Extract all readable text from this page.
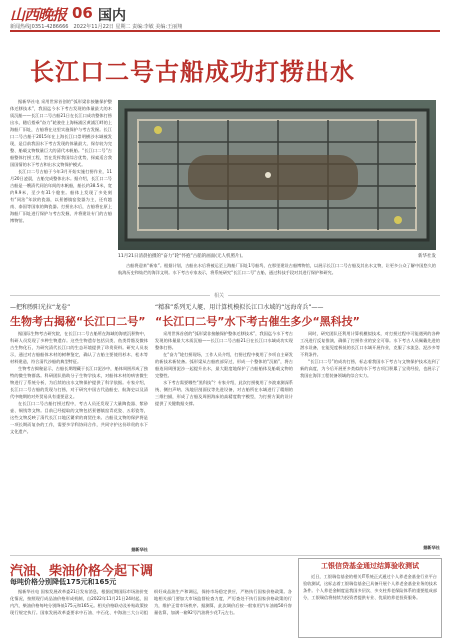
山西晚报 06 国内
新闻热线|0351-4286666　2022年11月22日 星期二 责编:李敏 美编:王丽翔
长江口二号古船成功打捞出水

据新华社电 采用世界首创的“弧形梁非接触保护整体迁移技术”，我国迄今水下考古发现的体量最大的木质沉船——长江口二号古船21日在长江口成功整体打捞出水，随后搭乘“奋力”轮驶往上海杨浦区黄浦江畔的上海船厂旧址，古船将在这里实施保护与考古发掘。长江口二号古船于2015年在上海长江口崇明横沙水域被发现，是目前我国水下考古发现的体量最大、保存较为完整、船载文物数量巨大的清代木帆船。“长江口二号”古船整体打捞工程，旨在发挥我国综合优势，探索适合我国国情的水下考古和出水文物保护模式。

长江口二号古船于今年3月开始实施打捞作业，11月20日凌晨，古船完成整体出水。据介绍，长江口二号古船是一艘清代同治年间的木帆船，船长约38.5米，宽约9.9米，至少有31个舱室。船体上发现了多处刻有“同治”年款的瓷器，以景德镇窑瓷器为主，还有越南、泰国等国家的陶瓷器。打捞出水后，古船将在原上海船厂旧址进行保护与考古发掘，并将建设专门的古船博物馆。

古船将迎来“新家”。根据计划，古船出水后将被运至上海船厂旧址1号船坞，在那里建设古船博物馆，以展示长江口二号古船及其出水文物，让更多公众了解中国悠久的航海历史和灿烂的海洋文明。水下考古专家表示，将系统研究“长江口二号”古船，通过科技手段对其进行保护和研究。

11月21日清晨拍摄的“奋力”轮“怀抱”古船的画面(无人机照片)。	新华社发
相关
—把和煦阳光拉“龙卷”
生物考古揭秘“长江口二号”

据国际生物考古研究院，在长江口二号古船所在海域的海底沉积物中，科研人员发现了多种生物遗存。这些生物遗存包括贝类、鱼类骨骼及微体古生物化石，为研究清代长江口的生态环境提供了珍贵资料。研究人员表示，通过对古船船体木材的树种鉴定，确认了古船主要使用杉木、松木等材料建造，符合清代沙船的典型特征。

生物考古揭秘显示，古船长期埋藏于长江口泥沙中，船体周围形成了独特的微生物群落。科研团队借助分子生物学技术，对船体木材的病害微生物进行了系统分析，为后续的出水文物保护提供了科学依据。专家介绍，长江口二号古船的发现与打捞，对于研究中国古代造船史、航海史以及清代中晚期的对外贸易具有重要意义。

在长江口二号古船打捞过程中，考古人员还发现了大量陶瓷器、紫砂壶、铜钱等文物。目前已经提取的文物包括景德镇窑青花瓷、五彩瓷等，这些文物反映了清代长江口地区繁荣的商贸往来。古船及文物的保护将是一项长期而复杂的工作，需要多学科协同合作，共同守护这份珍贵的水下文化遗产。

据新华社
“精准”系列无人艇、用计算机模拟长江口水域的“远海奇兵”——
“长江口二号”水下考古催生多少“黑科技”

采用世界首创的“弧形梁非接触保护整体迁移技术”，我国迄今水下考古发现的体量最大木质沉船——长江口二号古船21日在长江口水域成功实现整体打捞。

在“奋力”轮打捞现场，工作人员介绍，打捞过程中使用了多项自主研发的新技术新装备。弧形梁从古船底部穿过，形成一个整体的“沉箱”，将古船连同周围泥沙一起提升出水，最大限度地保护了古船船体及船载文物的完整性。

水下考古需要哪些“黑科技”？专家介绍，此次打捞使用了多波束测深系统、侧扫声呐、浅地层剖面仪等先进设备，对古船所在水域进行了精细的三维扫描，形成了古船及周围海床的高精度数字模型，为打捞方案的设计提供了关键数据支撑。

同时，研究团队还利用计算机模拟技术，对打捞过程中可能遇到的各种工况进行反复推演，确保了打捞作业的安全可靠。水下考古人员佩戴先进的潜水设备，在能见度极低的长江口水域开展作业，克服了水流急、泥沙多等不利条件。

“长江口二号”的成功打捞，标志着我国水下考古与文物保护技术达到了新的高度，为今后开展更多类似的水下考古项目积累了宝贵经验，也展示了我国在海洋工程装备领域的综合实力。

据新华社
汽油、柴油价格今起下调
每吨价格分别降低175元和165元

据新华社电 国家发展改革委21日发布消息，根据近期国际市场油价变化情况，按照现行成品油价格形成机制，自2022年11月21日24时起，国内汽、柴油价格每吨分别降低175元和165元。相关价格联动及补贴政策按现行规定执行。国家发展改革委要求中石油、中石化、中海油三大公司组织好成品油生产和调运，保持市场稳定供应，严格执行国家价格政策。各地相关部门要加大市场监督检查力度，严厉查处不执行国家价格政策的行为，维护正常市场秩序。据测算，此次调价后按一般家用汽车油箱50升容量估算，加满一箱92号汽油将少花7元左右。

工银信贷基金通过结算验收测试

近日，工银瑞信基金的相关IT系统正式通过个人养老金基金行业平台验收测试，这标志着工银瑞信基金已具备开展个人养老金基金业务的技术条件。个人养老金制度是我国多层次、多支柱养老保险体系的重要组成部分，工银瑞信将持续为投资者提供专业、优质的养老投资服务。
